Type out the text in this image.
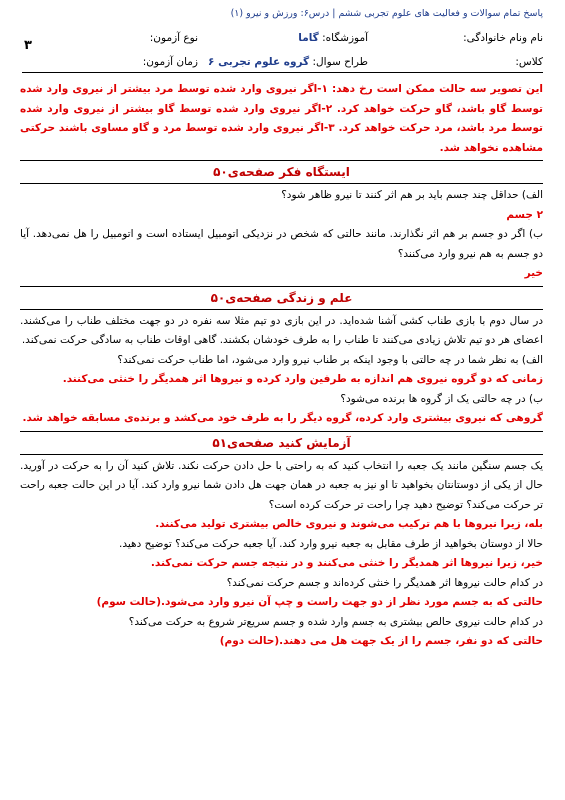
پاسخ تمام سوالات و فعالیت های علوم تجربی ششم | درس۶: ورزش و نیرو (۱)
۳	نام ونام خانوادگی:
آموزشگاه: گاما
نوع آزمون:
کلاس:
طراح سوال: گروه علوم تجربی ۶
زمان آزمون:

این تصویر سه حالت ممکن است رخ دهد: ۱-اگر نیروی وارد شده توسط مرد بیشتر از نیروی وارد شده توسط گاو باشد، گاو حرکت خواهد کرد. ۲-اگر نیروی وارد شده توسط گاو بیشتر از نیروی وارد شده توسط مرد باشد، مرد حرکت خواهد کرد. ۳-اگر نیروی وارد شده توسط مرد و گاو مساوی باشند حرکتی مشاهده نخواهد شد.

ایستگاه فکر صفحه‌ی۵۰

الف) حداقل چند جسم باید بر هم اثر کنند تا نیرو ظاهر شود؟

۲ جسم

ب) اگر دو جسم بر هم اثر نگذارند. مانند حالتی که شخص در نزدیکی اتومبیل ایستاده است و اتومبیل را هل نمی‌دهد. آیا دو جسم به هم نیرو وارد می‌کنند؟

خیر

علم و زندگی صفحه‌ی۵۰

در سال دوم با بازی طناب کشی آشنا شده‌اید. در این بازی دو تیم مثلا سه نفره در دو جهت مختلف طناب را می‌کشند. اعضای هر دو تیم تلاش زیادی می‌کنند تا طناب را به طرف خودشان بکشند. گاهی اوقات طناب به سادگی حرکت نمی‌کند.

الف) به نظر شما در چه حالتی با وجود اینکه بر طناب نیرو وارد می‌شود، اما طناب حرکت نمی‌کند؟

زمانی که دو گروه نیروی هم اندازه به طرفین وارد کرده و نیروها اثر همدیگر را خنثی می‌کنند.

ب) در چه حالتی یک از گروه ها برنده می‌شود؟

گروهی که نیروی بیشتری وارد کرده، گروه دیگر را به طرف خود می‌کشد و برنده‌ی مسابقه خواهد شد.

آزمایش کنید صفحه‌ی۵۱

یک جسم سنگین مانند یک جعبه را انتخاب کنید که به راحتی با حل دادن حرکت نکند. تلاش کنید آن را به حرکت در آورید. حال از یکی از دوستانتان بخواهید تا او نیز به جعبه در همان جهت هل دادن شما نیرو وارد کند. آیا در این حالت جعبه راحت تر حرکت می‌کند؟ توضیح دهید چرا راحت تر حرکت کرده است؟

بله، زیرا نیروها با هم ترکیب می‌شوند و نیروی خالص بیشتری تولید می‌کنند.

حالا از دوستان بخواهید از طرف مقابل به جعبه نیرو وارد کند. آیا جعبه حرکت می‌کند؟ توضیح دهید.

خیر، زیرا نیروها اثر همدیگر را خنثی می‌کنند و در نتیجه جسم حرکت نمی‌کند.

در کدام حالت نیروها اثر همدیگر را خنثی کرده‌اند و جسم حرکت نمی‌کند؟

حالتی که به جسم مورد نظر از دو جهت راست و چپ آن نیرو وارد می‌شود.(حالت سوم)

در کدام حالت نیروی حالص بیشتری به جسم وارد شده و جسم سریع‌تر شروع به حرکت می‌کند؟

حالتی که دو نفر، جسم را از یک جهت هل می دهند.(حالت دوم)
